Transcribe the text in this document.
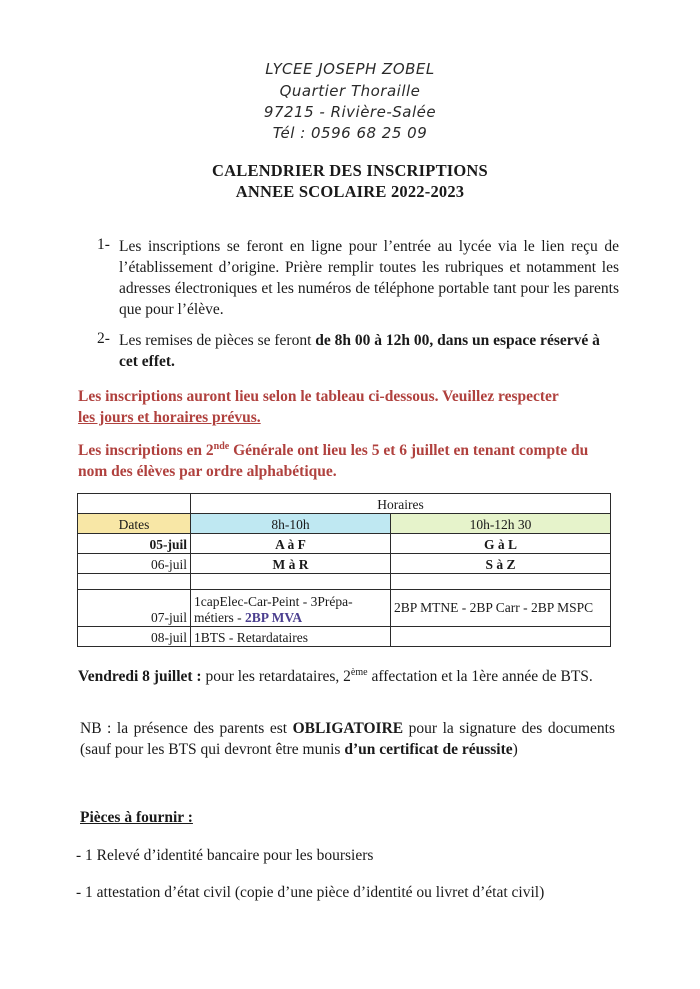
LYCEE JOSEPH ZOBEL
Quartier Thoraille
97215 - Rivière-Salée
Tél : 0596 68 25 09
CALENDRIER DES INSCRIPTIONS
ANNEE SCOLAIRE 2022-2023
1- Les inscriptions se feront en ligne pour l’entrée au lycée via le lien reçu de l’établissement d’origine. Prière remplir toutes les rubriques et notamment les adresses électroniques et les numéros de téléphone portable tant pour les parents que pour l’élève.
2- Les remises de pièces se feront de 8h 00 à 12h 00, dans un espace réservé à cet effet.
Les inscriptions auront lieu selon le tableau ci-dessous. Veuillez respecter
les jours et horaires prévus.
Les inscriptions en 2nde Générale ont lieu les 5 et 6 juillet en tenant compte du nom des élèves par ordre alphabétique.
	Horaires	
Dates	8h-10h	10h-12h 30
05-juil	A à F	G à L
06-juil	M à R	S à Z

07-juil	1capElec-Car-Peint - 3Prépa-
métiers - 2BP MVA	2BP MTNE - 2BP Carr - 2BP MSPC
08-juil	1BTS - Retardataires	
Vendredi 8 juillet : pour les retardataires, 2ème affectation et la 1ère année de BTS.
NB : la présence des parents est OBLIGATOIRE pour la signature des documents (sauf pour les BTS qui devront être munis d’un certificat de réussite)
Pièces à fournir :
- 1 Relevé d’identité bancaire pour les boursiers
- 1 attestation d’état civil (copie d’une pièce d’identité ou livret d’état civil)
